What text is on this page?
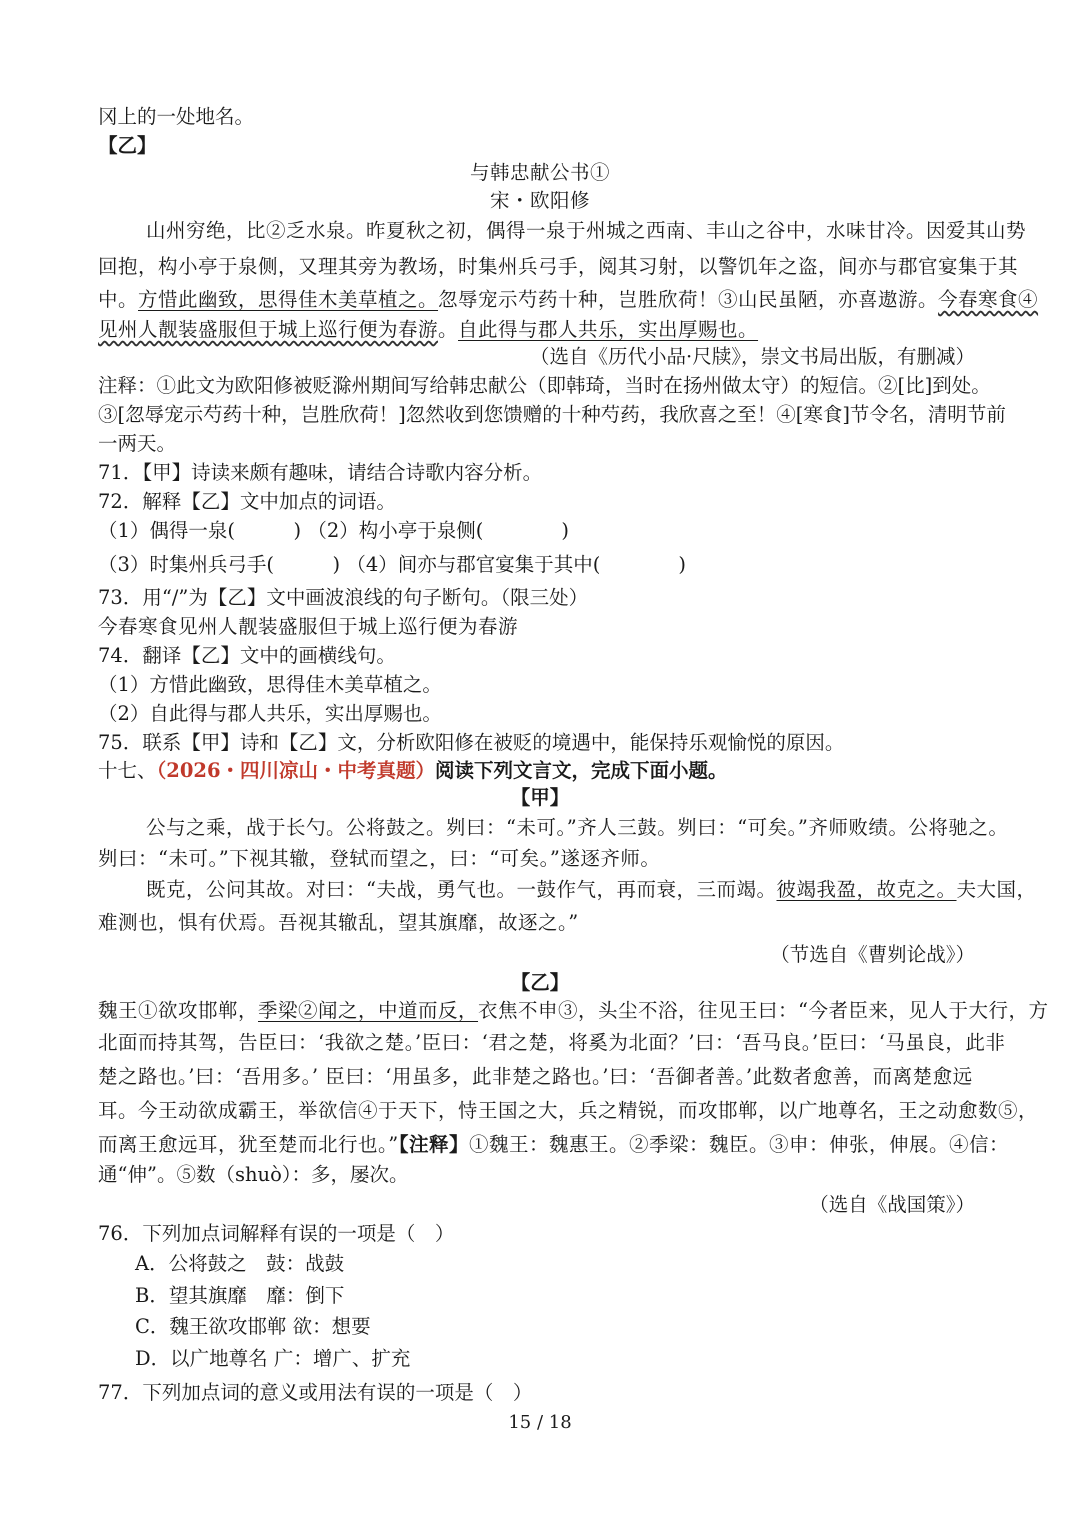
冈上的一处地名。
【乙】
与韩忠献公书①
宋・欧阳修
山州穷绝，比②乏水泉。昨夏秋之初，偶得一泉于州城之西南、丰山之谷中，水味甘冷。因爱其山势
回抱，构小亭于泉侧，又理其旁为教场，时集州兵弓手，阅其习射，以警饥年之盗，间亦与郡官宴集于其
中。方惜此幽致，思得佳木美草植之。忽辱宠示芍药十种，岂胜欣荷！③山民虽陋，亦喜遨游。今春寒食④
见州人靓装盛服但于城上巡行便为春游。自此得与郡人共乐，实出厚赐也。
（选自《历代小品·尺牍》，崇文书局出版，有删减）
注释：①此文为欧阳修被贬滁州期间写给韩忠献公（即韩琦，当时在扬州做太守）的短信。②[比]到处。
③[忽辱宠示芍药十种，岂胜欣荷！]忽然收到您馈赠的十种芍药，我欣喜之至！④[寒食]节令名，清明节前
一两天。
71．【甲】诗读来颇有趣味，请结合诗歌内容分析。
72．解释【乙】文中加点的词语。
（1）偶得一泉(　　　) （2）构小亭于泉侧(　　　　)
（3）时集州兵弓手(　　　) （4）间亦与郡官宴集于其中(　　　　)
73．用“/”为【乙】文中画波浪线的句子断句。（限三处）
今春寒食见州人靓装盛服但于城上巡行便为春游
74．翻译【乙】文中的画横线句。
（1）方惜此幽致，思得佳木美草植之。
（2）自此得与郡人共乐，实出厚赐也。
75．联系【甲】诗和【乙】文，分析欧阳修在被贬的境遇中，能保持乐观愉悦的原因。
十七、（2026・四川凉山・中考真题）阅读下列文言文，完成下面小题。
【甲】
公与之乘，战于长勺。公将鼓之。刿曰：“未可。”齐人三鼓。刿曰：“可矣。”齐师败绩。公将驰之。
刿曰：“未可。”下视其辙，登轼而望之，曰：“可矣。”遂逐齐师。
既克，公问其故。对曰：“夫战，勇气也。一鼓作气，再而衰，三而竭。彼竭我盈，故克之。夫大国，
难测也，惧有伏焉。吾视其辙乱，望其旗靡，故逐之。”
（节选自《曹刿论战》）
【乙】
魏王①欲攻邯郸，季梁②闻之，中道而反，衣焦不申③，头尘不浴，往见王曰：“今者臣来，见人于大行，方
北面而持其驾，告臣曰：‘我欲之楚。’臣曰：‘君之楚，将奚为北面？’曰：‘吾马良。’臣曰：‘马虽良，此非
楚之路也。’曰：‘吾用多。’ 臣曰：‘用虽多，此非楚之路也。’曰：‘吾御者善。’此数者愈善，而离楚愈远
耳。今王动欲成霸王，举欲信④于天下，恃王国之大，兵之精锐，而攻邯郸，以广地尊名，王之动愈数⑤，
而离王愈远耳，犹至楚而北行也。”【注释】①魏王：魏惠王。②季梁：魏臣。③申：伸张，伸展。④信：
通“伸”。⑤数（shuò）：多，屡次。
（选自《战国策》）
76．下列加点词解释有误的一项是（　）
A．公将鼓之　鼓：战鼓
B．望其旗靡　靡：倒下
C．魏王欲攻邯郸 欲：想要
D．以广地尊名 广：增广、扩充
77．下列加点词的意义或用法有误的一项是（　）
15 / 18
